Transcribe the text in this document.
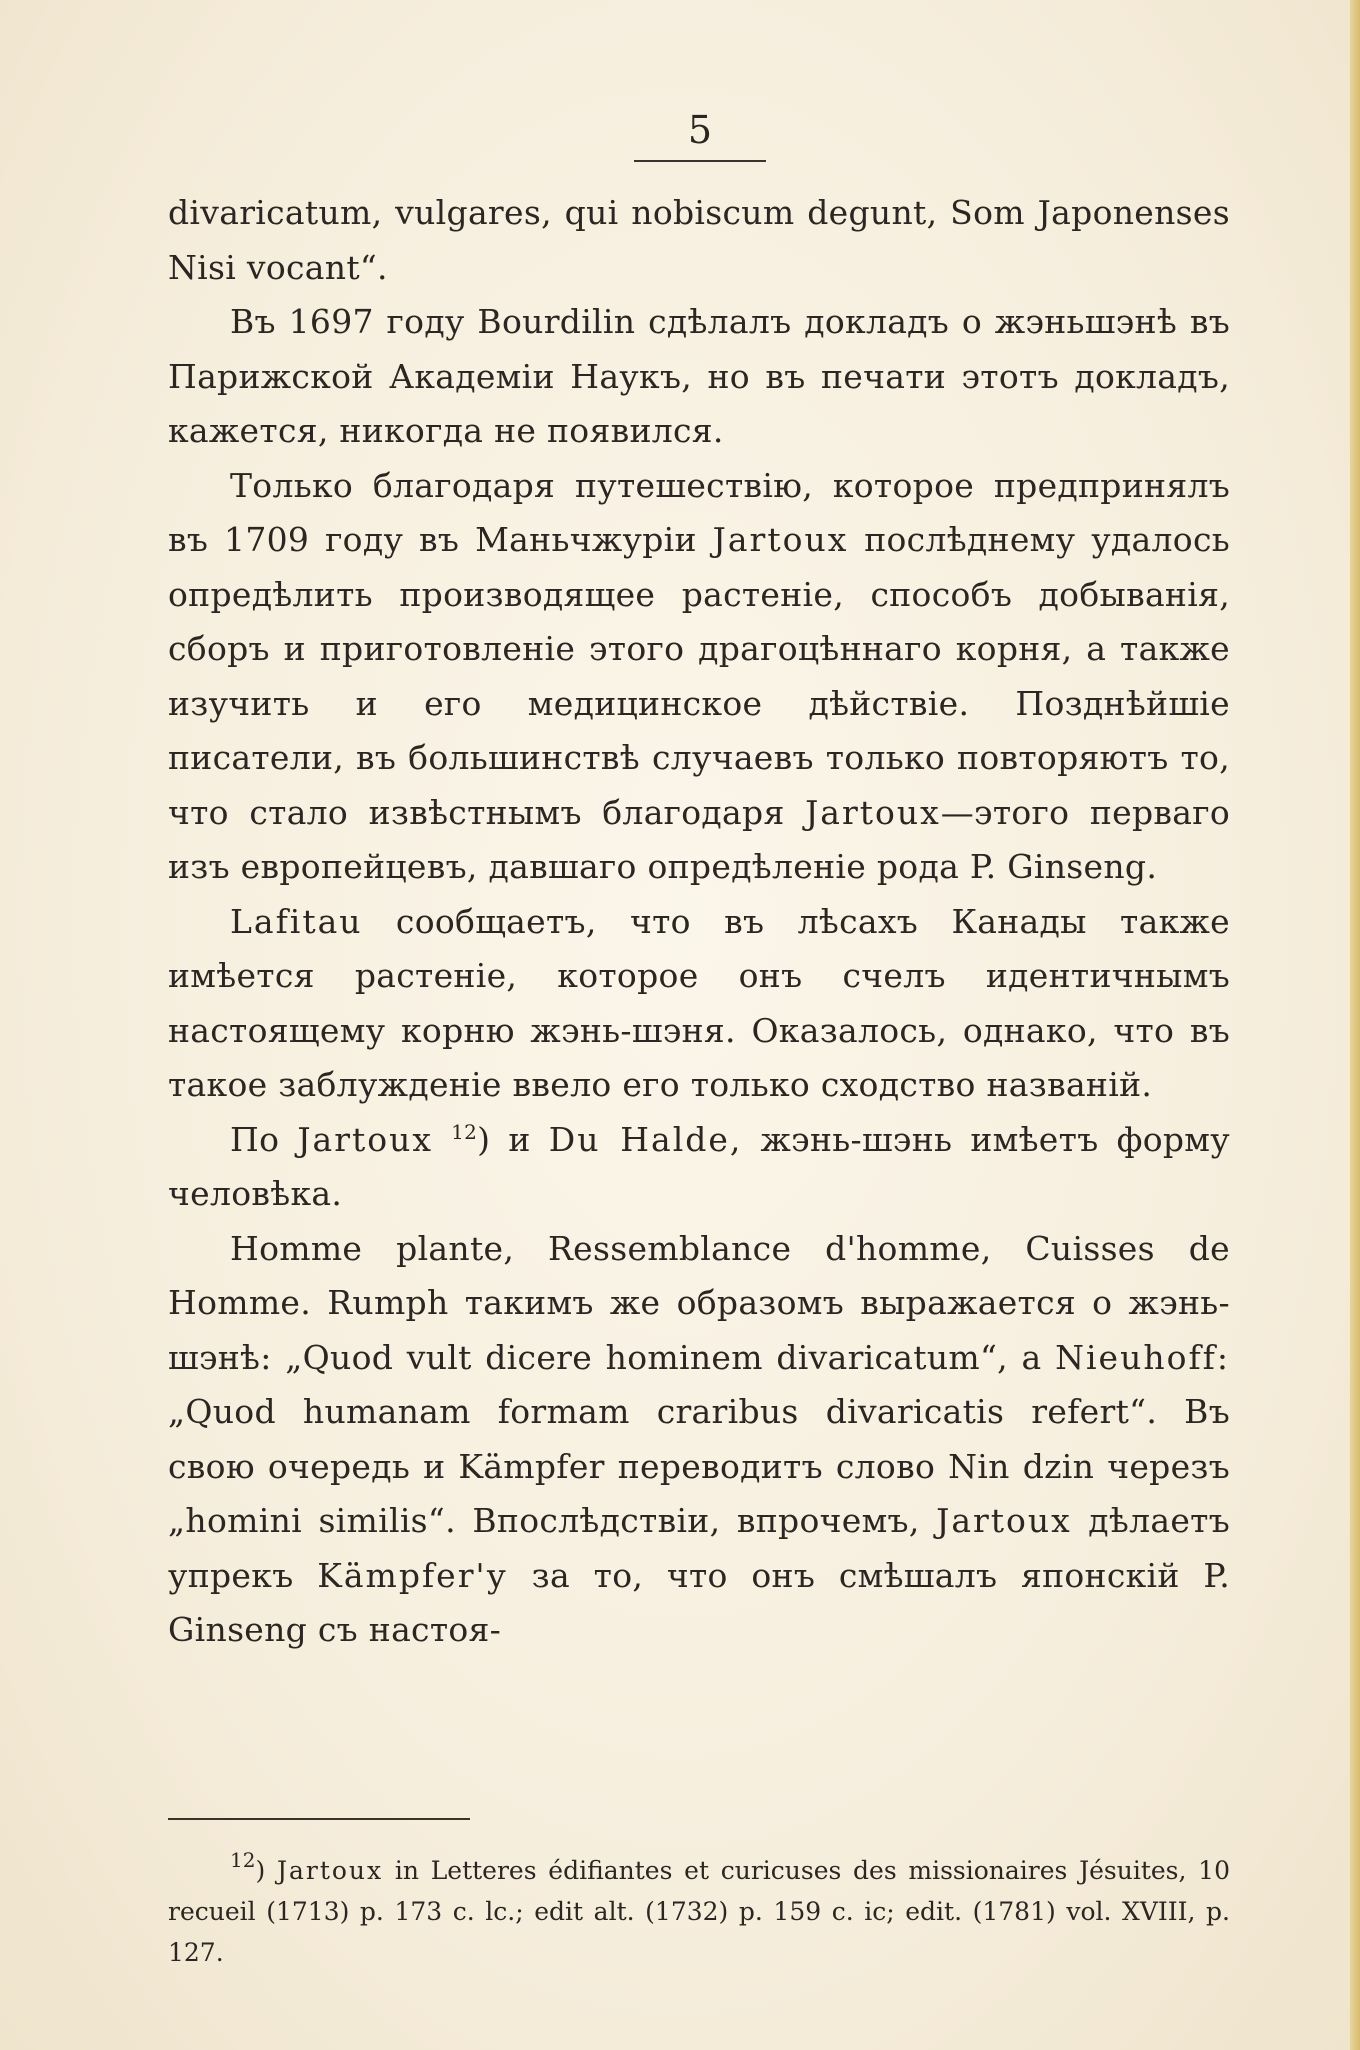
5

divaricatum, vulgares, qui nobiscum degunt, Som Japonenses Nisi vocant“.

Въ 1697 году Bourdilin сдѣлалъ докладъ о жэньшэнѣ въ Парижской Академіи Наукъ, но въ печати этотъ докладъ, кажется, никогда не появился.

Только благодаря путешествію, которое предпринялъ въ 1709 году въ Маньчжуріи Jartoux послѣднему удалось опредѣлить производящее растеніе, способъ добыванія, сборъ и приготовленіе этого драгоцѣннаго корня, а также изучить и его медицинское дѣйствіе. Позднѣйшіе писатели, въ большинствѣ случаевъ только повторяютъ то, что стало извѣстнымъ благодаря Jartoux—этого перваго изъ европейцевъ, давшаго опредѣленіе рода P. Ginseng.

Lafitau сообщаетъ, что въ лѣсахъ Канады также имѣется растеніе, которое онъ счелъ идентичнымъ настоящему корню жэнь-шэня. Оказалось, однако, что въ такое заблужденіе ввело его только сходство названій.

По Jartoux $^{12}$) и Du Halde, жэнь-шэнь имѣетъ форму человѣка.

Homme plante, Ressemblance d'homme, Cuisses de Homme. Rumph такимъ же образомъ выражается о жэнь-шэнѣ: „Quod vult dicere hominem divaricatum“, а Nieuhoff: „Quod humanam formam craribus divaricatis refert“. Въ свою очередь и Kämpfer переводитъ слово Nin dzin черезъ „homini similis“. Впослѣдствіи, впрочемъ, Jartoux дѣлаетъ упрекъ Kämpfer'у за то, что онъ смѣшалъ японскій P. Ginseng съ настоя-

$^{12}$) Jartoux in Letteres édifiantes et curicuses des missionaires Jésuites, 10 recueil (1713) p. 173 c. lc.; edit alt. (1732) p. 159 c. ic; edit. (1781) vol. XVIII, p. 127.
